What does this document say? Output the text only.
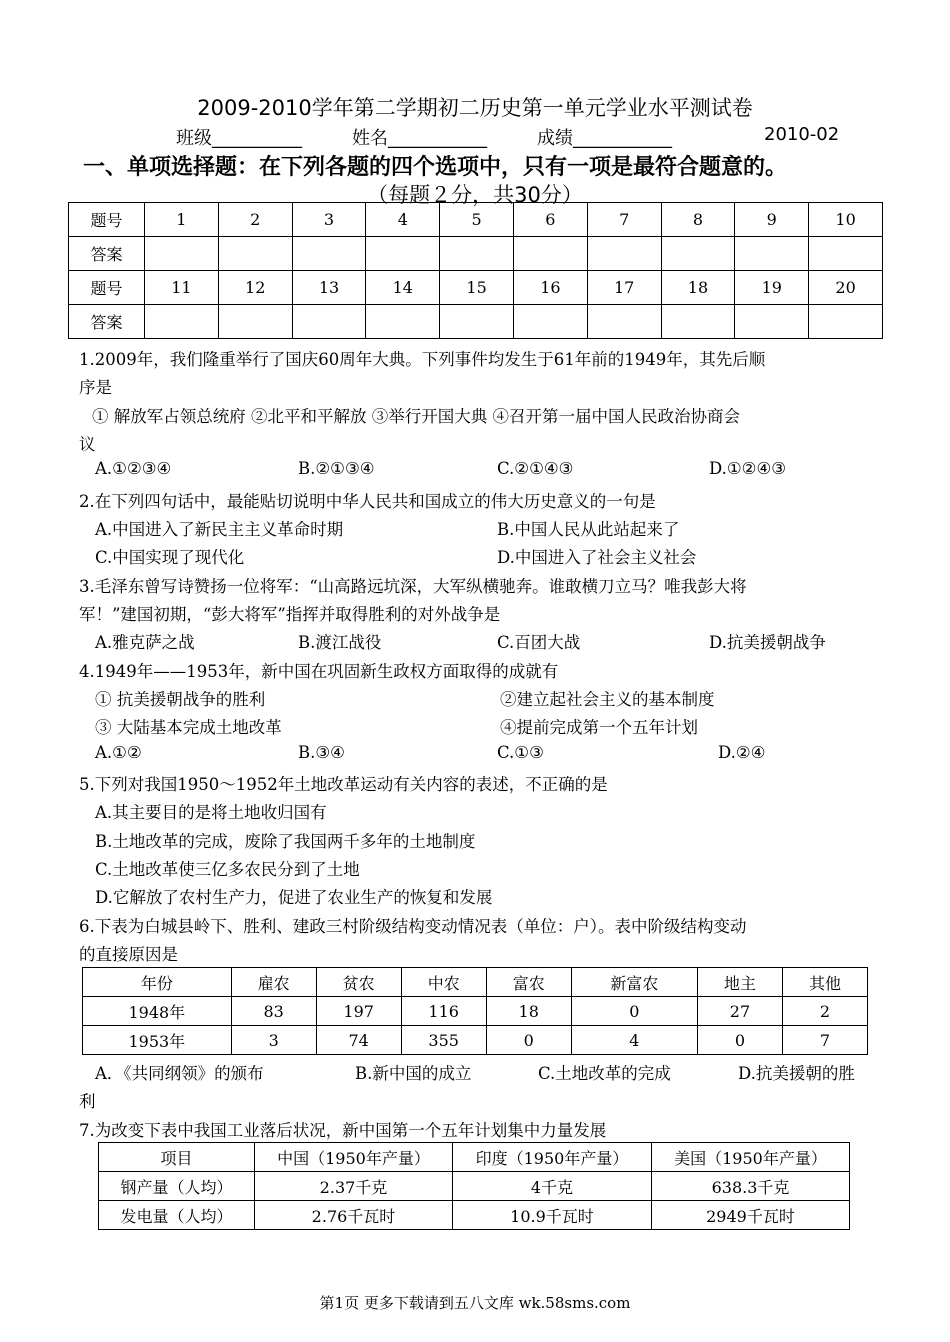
2009-2010学年第二学期初二历史第一单元学业水平测试卷
班级__________	姓名___________	成绩___________	2010-02
一、单项选择题：在下列各题的四个选项中，只有一项是最符合题意的。
（每题２分，共30分）
题号	1	2	3	4	5	6	7	8	9	10
答案										
题号	11	12	13	14	15	16	17	18	19	20
答案										
1.2009年，我们隆重举行了国庆60周年大典。下列事件均发生于61年前的1949年，其先后顺
序是
① 解放军占领总统府 ②北平和平解放 ③举行开国大典 ④召开第一届中国人民政治协商会
议
A.①②③④	B.②①③④	C.②①④③	D.①②④③
2.在下列四句话中，最能贴切说明中华人民共和国成立的伟大历史意义的一句是
A.中国进入了新民主主义革命时期	B.中国人民从此站起来了
C.中国实现了现代化	D.中国进入了社会主义社会
3.毛泽东曾写诗赞扬一位将军：“山高路远坑深，大军纵横驰奔。谁敢横刀立马？唯我彭大将
军！”建国初期，“彭大将军”指挥并取得胜利的对外战争是
A.雅克萨之战	B.渡江战役	C.百团大战	D.抗美援朝战争
4.1949年——1953年，新中国在巩固新生政权方面取得的成就有
① 抗美援朝战争的胜利	②建立起社会主义的基本制度
③ 大陆基本完成土地改革	④提前完成第一个五年计划
A.①②	B.③④	C.①③	D.②④
5.下列对我国1950～1952年土地改革运动有关内容的表述，不正确的是
A.其主要目的是将土地收归国有
B.土地改革的完成，废除了我国两千多年的土地制度
C.土地改革使三亿多农民分到了土地
D.它解放了农村生产力，促进了农业生产的恢复和发展
6.下表为白城县岭下、胜利、建政三村阶级结构变动情况表（单位：户）。表中阶级结构变动
的直接原因是
年份	雇农	贫农	中农	富农	新富农	地主	其他
1948年	83	197	116	18	0	27	2
1953年	3	74	355	0	4	0	7
A．《共同纲领》的颁布	B.新中国的成立	C.土地改革的完成	D.抗美援朝的胜
利
7.为改变下表中我国工业落后状况，新中国第一个五年计划集中力量发展
项目	中国（1950年产量）	印度（1950年产量）	美国（1950年产量）
钢产量（人均）	2.37千克	4千克	638.3千克
发电量（人均）	2.76千瓦时	10.9千瓦时	2949千瓦时
第1页 更多下载请到五八文库 wk.58sms.com
